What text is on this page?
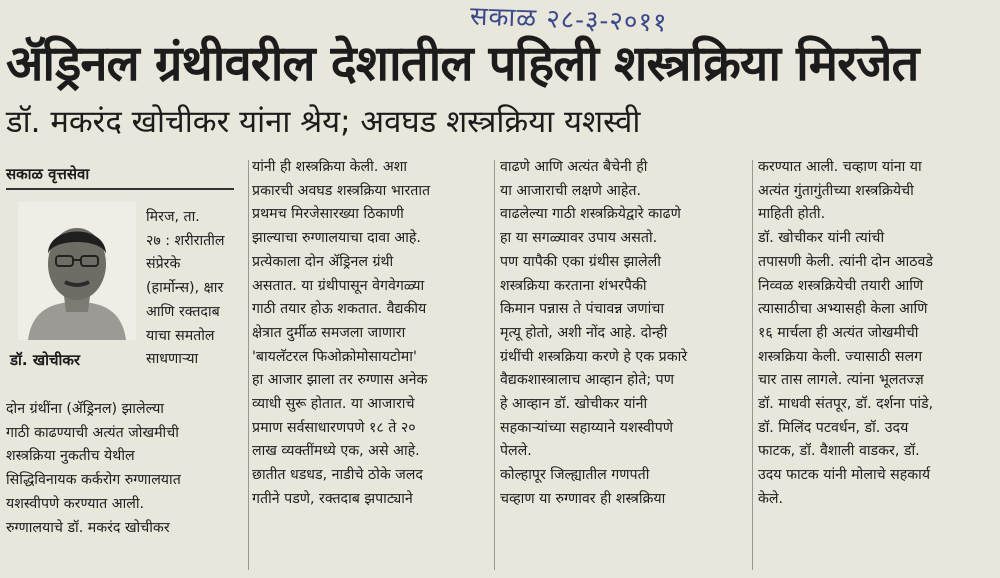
सकाळ २८-३-२०११
ॲड्रिनल ग्रंथीवरील देशातील पहिली शस्त्रक्रिया मिरजेत
डॉ. मकरंद खोचीकर यांना श्रेय; अवघड शस्त्रक्रिया यशस्वी
सकाळ वृत्तसेवा
डॉ. खोचीकर
मिरज, ता.
२७ : शरीरातील
संप्रेरके
(हार्मोन्स), क्षार
आणि रक्तदाब
याचा समतोल
साधणाऱ्या
दोन ग्रंथींना (ॲड्रिनल) झालेल्या
गाठी काढण्याची अत्यंत जोखमीची
शस्त्रक्रिया नुकतीच येथील
सिद्धिविनायक कर्करोग रुग्णालयात
यशस्वीपणे करण्यात आली.
रुग्णालयाचे डॉ. मकरंद खोचीकर
यांनी ही शस्त्रक्रिया केली. अशा
प्रकारची अवघड शस्त्रक्रिया भारतात
प्रथमच मिरजेसारख्या ठिकाणी
झाल्याचा रुग्णालयाचा दावा आहे.
प्रत्येकाला दोन ॲड्रिनल ग्रंथी
असतात. या ग्रंथीपासून वेगवेगळ्या
गाठी तयार होऊ शकतात. वैद्यकीय
क्षेत्रात दुर्मीळ समजला जाणारा
'बायलॅटरल फिओक्रोमोसायटोमा'
हा आजार झाला तर रुग्णास अनेक
व्याधी सुरू होतात. या आजाराचे
प्रमाण सर्वसाधारणपणे १८ ते २०
लाख व्यक्तींमध्ये एक, असे आहे.
छातीत धडधड, नाडीचे ठोके जलद
गतीने पडणे, रक्तदाब झपाट्याने
वाढणे आणि अत्यंत बैचेनी ही
या आजाराची लक्षणे आहेत.
वाढलेल्या गाठी शस्त्रक्रियेद्वारे काढणे
हा या सगळ्यावर उपाय असतो.
पण यापैकी एका ग्रंथीस झालेली
शस्त्रक्रिया करताना शंभरपैकी
किमान पन्नास ते पंचावन्न जणांचा
मृत्यू होतो, अशी नोंद आहे. दोन्ही
ग्रंथींची शस्त्रक्रिया करणे हे एक प्रकारे
वैद्यकशास्त्रालाच आव्हान होते; पण
हे आव्हान डॉ. खोचीकर यांनी
सहकाऱ्यांच्या सहाय्याने यशस्वीपणे
पेलले.
कोल्हापूर जिल्ह्यातील गणपती
चव्हाण या रुग्णावर ही शस्त्रक्रिया
करण्यात आली. चव्हाण यांना या
अत्यंत गुंतागुंतीच्या शस्त्रक्रियेची
माहिती होती.
डॉ. खोचीकर यांनी त्यांची
तपासणी केली. त्यांनी दोन आठवडे
निव्वळ शस्त्रक्रियेची तयारी आणि
त्यासाठीचा अभ्यासही केला आणि
१६ मार्चला ही अत्यंत जोखमीची
शस्त्रक्रिया केली. ज्यासाठी सलग
चार तास लागले. त्यांना भूलतज्ज्ञ
डॉ. माधवी संतपूर, डॉ. दर्शना पांडे,
डॉ. मिलिंद पटवर्धन, डॉ. उदय
फाटक, डॉ. वैशाली वाडकर, डॉ.
उदय फाटक यांनी मोलाचे सहकार्य
केले.
